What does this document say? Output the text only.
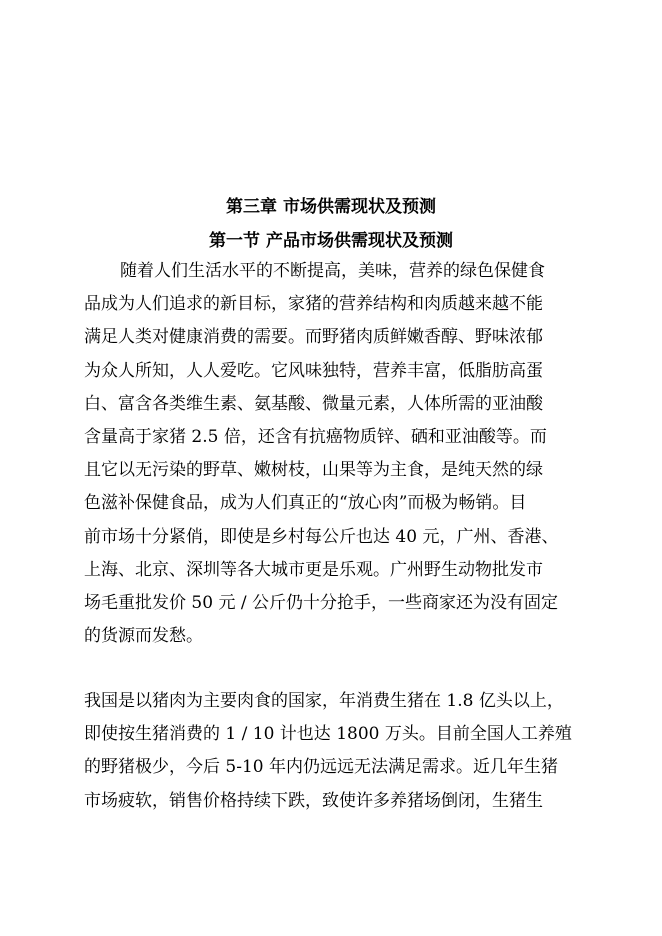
第三章 市场供需现状及预测
第一节 产品市场供需现状及预测
随着人们生活水平的不断提高，美味，营养的绿色保健食
品成为人们追求的新目标，家猪的营养结构和肉质越来越不能
满足人类对健康消费的需要。而野猪肉质鲜嫩香醇、野味浓郁
为众人所知，人人爱吃。它风味独特，营养丰富，低脂肪高蛋
白、富含各类维生素、氨基酸、微量元素，人体所需的亚油酸
含量高于家猪 2.5 倍，还含有抗癌物质锌、硒和亚油酸等。而
且它以无污染的野草、嫩树枝，山果等为主食，是纯天然的绿
色滋补保健食品，成为人们真正的“放心肉”而极为畅销。目
前市场十分紧俏，即使是乡村每公斤也达 40 元，广州、香港、
上海、北京、深圳等各大城市更是乐观。广州野生动物批发市
场毛重批发价 50 元 / 公斤仍十分抢手，一些商家还为没有固定
的货源而发愁。
我国是以猪肉为主要肉食的国家，年消费生猪在 1.8 亿头以上，
即使按生猪消费的 1 / 10 计也达 1800 万头。目前全国人工养殖
的野猪极少，今后 5-10 年内仍远远无法满足需求。近几年生猪
市场疲软，销售价格持续下跌，致使许多养猪场倒闭，生猪生
